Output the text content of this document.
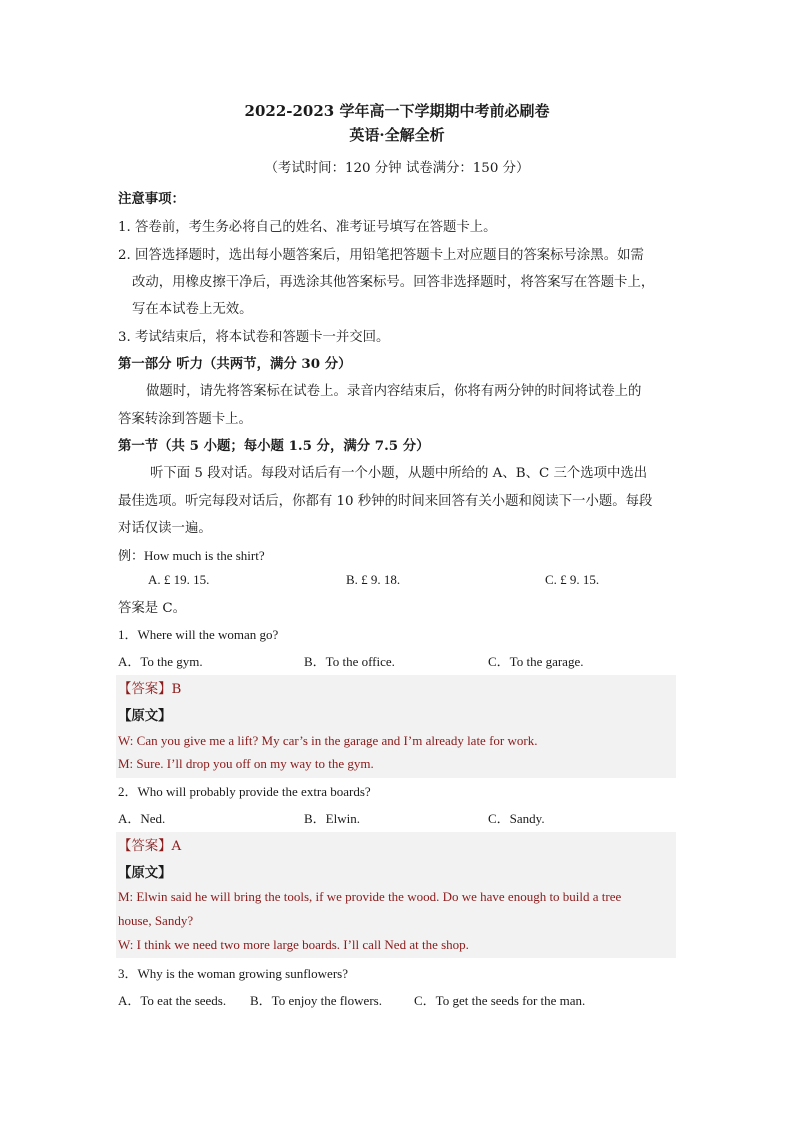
2022-2023 学年高一下学期期中考前必刷卷
英语·全解全析
（考试时间：120 分钟 试卷满分：150 分）
注意事项：
1. 答卷前，考生务必将自己的姓名、准考证号填写在答题卡上。
2. 回答选择题时，选出每小题答案后，用铅笔把答题卡上对应题目的答案标号涂黑。如需
改动，用橡皮擦干净后，再选涂其他答案标号。回答非选择题时，将答案写在答题卡上，
写在本试卷上无效。
3. 考试结束后，将本试卷和答题卡一并交回。
第一部分 听力（共两节，满分 30 分）
做题时，请先将答案标在试卷上。录音内容结束后，你将有两分钟的时间将试卷上的
答案转涂到答题卡上。
第一节（共 5 小题；每小题 1.5 分，满分 7.5 分）
听下面 5 段对话。每段对话后有一个小题，从题中所给的 A、B、C 三个选项中选出
最佳选项。听完每段对话后，你都有 10 秒钟的时间来回答有关小题和阅读下一小题。每段
对话仅读一遍。
例：How much is the shirt?
A. £ 19. 15.	B. £ 9. 18.	C. £ 9. 15.
答案是 C。
1．Where will the woman go?
A．To the gym.	B．To the office.	C．To the garage.
【答案】B
【原文】
W: Can you give me a lift? My car’s in the garage and I’m already late for work.
M: Sure. I’ll drop you off on my way to the gym.
2．Who will probably provide the extra boards?
A．Ned.	B．Elwin.	C．Sandy.
【答案】A
【原文】
M: Elwin said he will bring the tools, if we provide the wood. Do we have enough to build a tree
house, Sandy?
W: I think we need two more large boards. I’ll call Ned at the shop.
3．Why is the woman growing sunflowers?
A．To eat the seeds. B．To enjoy the flowers. C．To get the seeds for the man.
